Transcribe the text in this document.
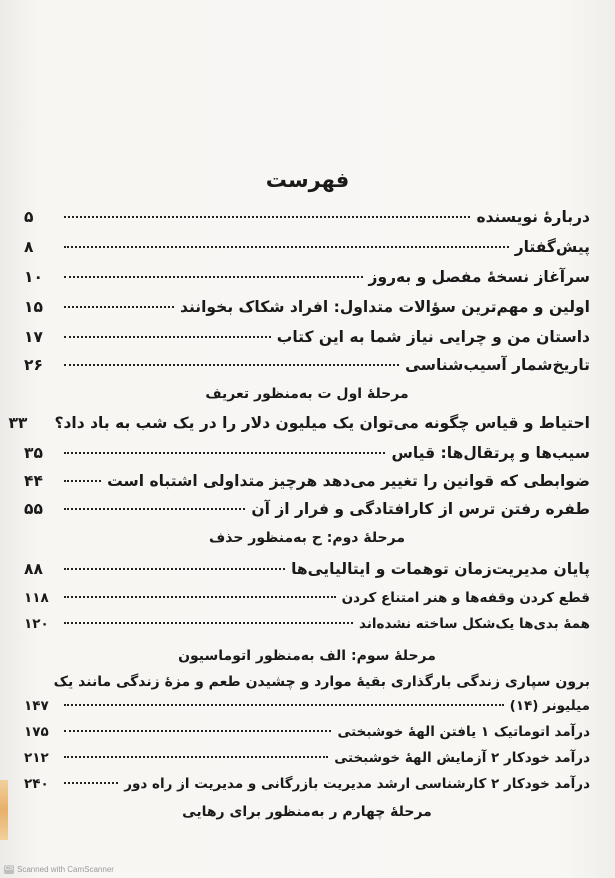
فهرست
دربارهٔ نویسنده
۵
پیش‌گفتار
۸
سرآغاز نسخهٔ مفصل و به‌روز
۱۰
اولین و مهم‌ترین سؤالات متداول: افراد شکاک بخوانند
۱۵
داستان من و چرایی نیاز شما به این کتاب
۱۷
تاریخ‌شمار آسیب‌شناسی
۲۶
مرحلهٔ اول ت به‌منظور تعریف
احتیاط و قیاس چگونه می‌توان یک میلیون دلار را در یک شب به باد داد؟
۳۳
سیب‌ها و پرتقال‌ها: قیاس
۳۵
ضوابطی که قوانین را تغییر می‌دهد هرچیز متداولی اشتباه است
۴۴
طفره رفتن ترس از کارافتادگی و فرار از آن
۵۵
مرحلهٔ دوم: ح به‌منظور حذف
پایان مدیریت‌زمان توهمات و ایتالیایی‌ها
۸۸
قطع کردن وقفه‌ها و هنر امتناع کردن
۱۱۸
همهٔ بدی‌ها یک‌شکل ساخته نشده‌اند
۱۲۰
مرحلهٔ سوم: الف به‌منظور اتوماسیون
برون سپاری زندگی بارگذاری بقیهٔ موارد و چشیدن طعم و مزهٔ زندگی مانند یک
میلیونر (۱۴)
۱۴۷
درآمد اتوماتیک ۱ یافتن الههٔ خوشبختی
۱۷۵
درآمد خودکار ۲ آزمایش الههٔ خوشبختی
۲۱۲
درآمد خودکار ۲ کارشناسی ارشد مدیریت بازرگانی و مدیریت از راه دور
۲۴۰
مرحلهٔ چهارم ر به‌منظور برای رهایی
CS Scanned with CamScanner
